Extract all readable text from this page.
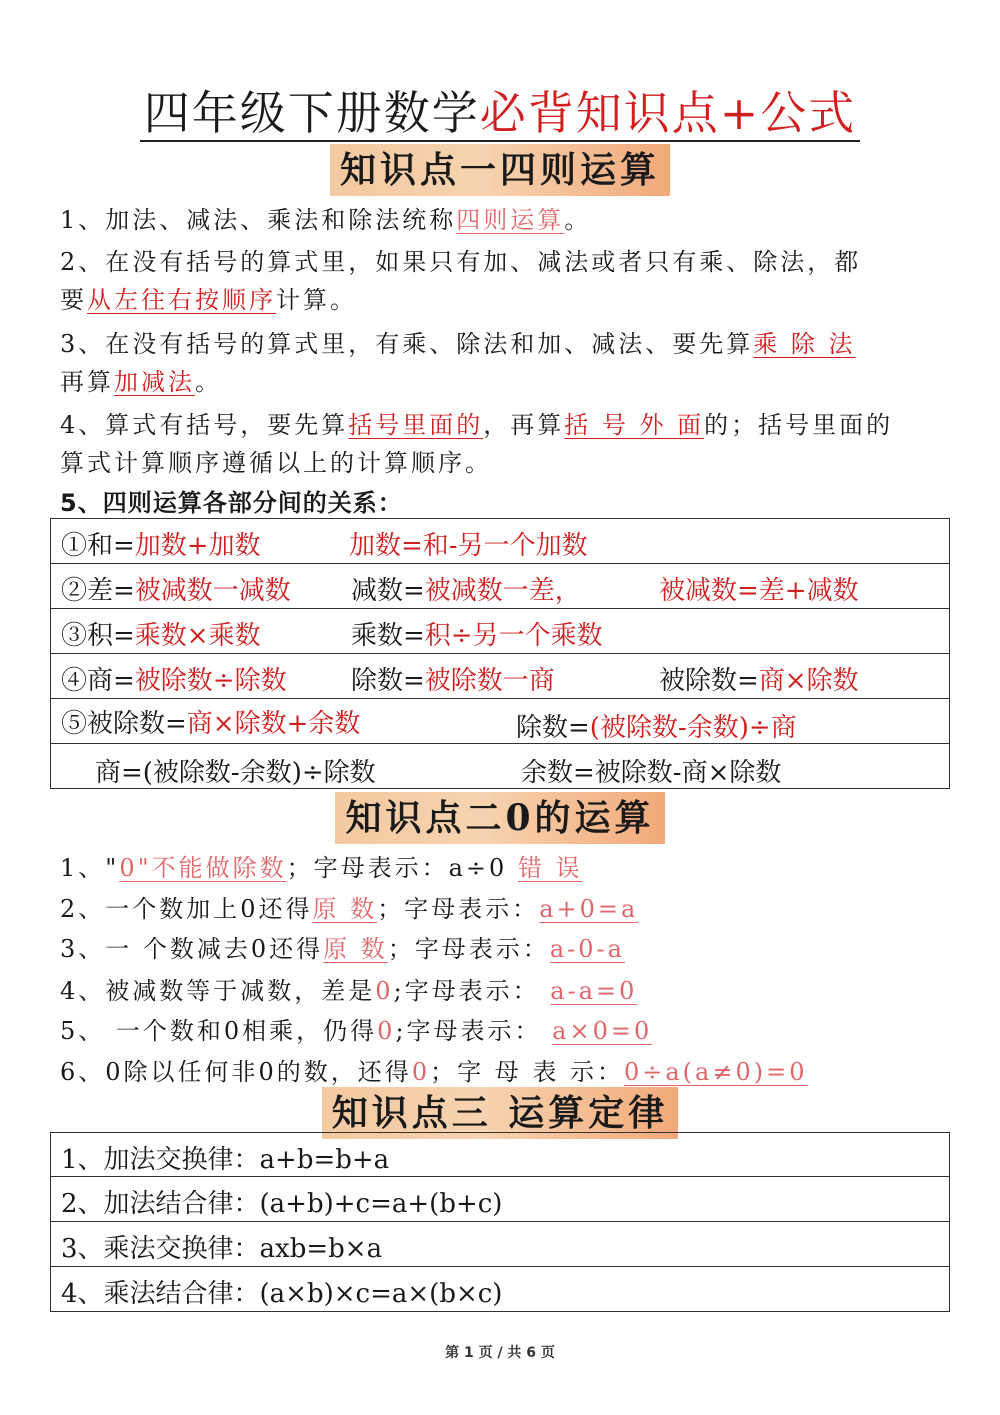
四年级下册数学必背知识点+公式
知识点一四则运算
1、加法、减法、乘法和除法统称四则运算。
2、在没有括号的算式里，如果只有加、减法或者只有乘、除法，都
要从左往右按顺序计算。
3、在没有括号的算式里，有乘、除法和加、减法、要先算乘 除 法
再算加减法。
4、算式有括号，要先算括号里面的，再算括 号 外 面的；括号里面的
算式计算顺序遵循以上的计算顺序。
5、四则运算各部分间的关系：
①和=加数+加数	加数=和-另一个加数
②差=被减数一减数 减数=被减数一差，	被减数=差+减数
③积=乘数×乘数	乘数=积÷另一个乘数
④商=被除数÷除数 除数=被除数一商	被除数=商×除数
⑤被除数=商×除数+余数	除数=(被除数-余数)÷商
商=(被除数-余数)÷除数	余数=被除数-商×除数
知识点二0的运算
1、"0"不能做除数；字母表示：a÷0 错 误
2、一个数加上0还得原 数；字母表示：a+0=a
3、一 个数减去0还得原 数；字母表示：a-0-a
4、被减数等于减数，差是0;字母表示： a-a=0
5、 一个数和0相乘，仍得0;字母表示： a×0=0
6、0除以任何非0的数，还得0；字 母 表 示：0÷a(a≠0)=0
知识点三 运算定律
1、加法交换律：a+b=b+a
2、加法结合律：(a+b)+c=a+(b+c)
3、乘法交换律：axb=b×a
4、乘法结合律：(a×b)×c=a×(b×c)
第 1 页 / 共 6 页
